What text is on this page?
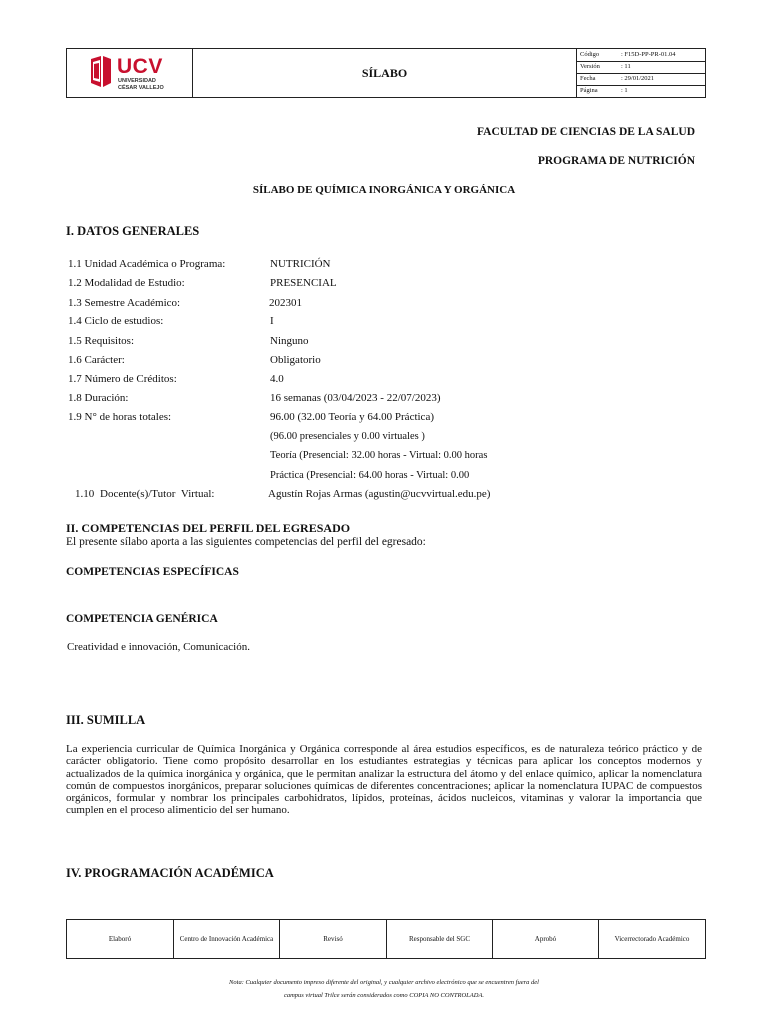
UCV
UNIVERSIDAD
CÉSAR VALLEJO
SÍLABO
Código	: F15D-PP-PR-01.04
Versión	: 11
Fecha	: 29/01/2021
Página	: 1
FACULTAD DE CIENCIAS DE LA SALUD
PROGRAMA DE NUTRICIÓN
SÍLABO DE QUÍMICA INORGÁNICA Y ORGÁNICA
I. DATOS GENERALES
1.1 Unidad Académica o Programa:	NUTRICIÓN
1.2 Modalidad de Estudio:	PRESENCIAL
1.3 Semestre Académico:	202301
1.4 Ciclo de estudios:	I
1.5 Requisitos:	Ninguno
1.6 Carácter:	Obligatorio
1.7 Número de Créditos:	4.0
1.8 Duración:	16 semanas (03/04/2023 - 22/07/2023)
1.9 N° de horas totales:	96.00 (32.00 Teoría y 64.00 Práctica)
(96.00 presenciales y 0.00 virtuales )
Teoría (Presencial: 32.00 horas - Virtual: 0.00 horas
Práctica (Presencial: 64.00 horas - Virtual: 0.00
1.10 Docente(s)/Tutor Virtual:	Agustín Rojas Armas (agustin@ucvvirtual.edu.pe)
II. COMPETENCIAS DEL PERFIL DEL EGRESADO
El presente sílabo aporta a las siguientes competencias del perfil del egresado:
COMPETENCIAS ESPECÍFICAS
COMPETENCIA GENÉRICA
Creatividad e innovación, Comunicación.
III. SUMILLA
La experiencia curricular de Química Inorgánica y Orgánica corresponde al área estudios específicos, es de naturaleza teórico práctico y de carácter obligatorio. Tiene como propósito desarrollar en los estudiantes estrategias y técnicas para aplicar los conceptos modernos y actualizados de la química inorgánica y orgánica, que le permitan analizar la estructura del átomo y del enlace químico, aplicar la nomenclatura común de compuestos inorgánicos, preparar soluciones químicas de diferentes concentraciones; aplicar la nomenclatura IUPAC de compuestos orgánicos, formular y nombrar los principales carbohidratos, lípidos, proteínas, ácidos nucleicos, vitaminas y valorar la importancia que cumplen en el proceso alimenticio del ser humano.
IV. PROGRAMACIÓN ACADÉMICA
Elaboró	Centro de Innovación Académica	Revisó	Responsable del SGC	Aprobó	Vicerrectorado Académico
Nota: Cualquier documento impreso diferente del original, y cualquier archivo electrónico que se encuentren fuera del
campus virtual Trilce serán considerados como COPIA NO CONTROLADA.
